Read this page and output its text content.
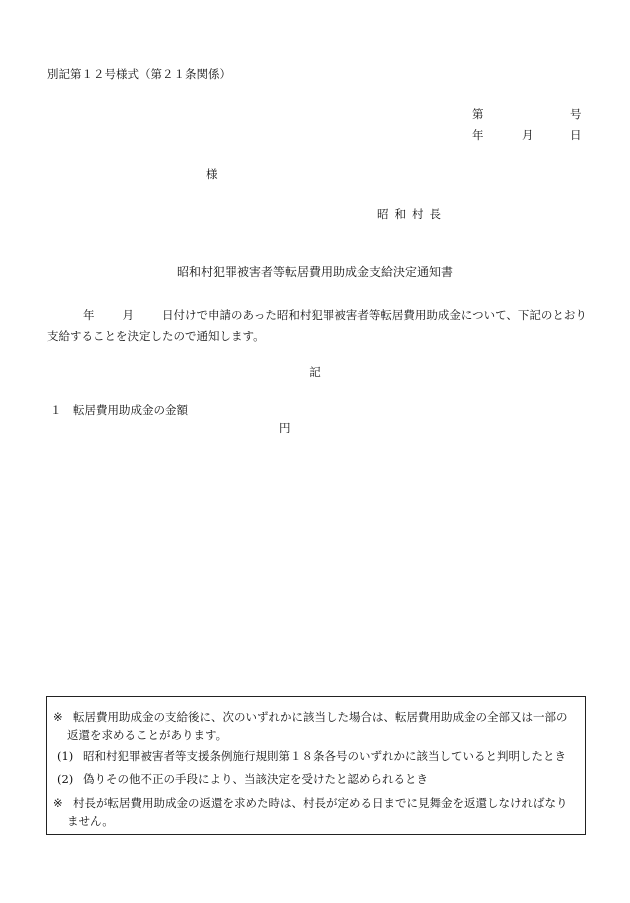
別記第１２号様式（第２１条関係）
第	号
年	月	日
様
昭和村長
昭和村犯罪被害者等転居費用助成金支給決定通知書
年 月 日付けで申請のあった昭和村犯罪被害者等転居費用助成金について、下記のとおり支給することを決定したので通知します。
記
１　転居費用助成金の金額
円
※ 転居費用助成金の支給後に、次のいずれかに該当した場合は、転居費用助成金の全部又は一部の
返還を求めることがあります。
(1) 昭和村犯罪被害者等支援条例施行規則第１８条各号のいずれかに該当していると判明したとき
(2) 偽りその他不正の手段により、当該決定を受けたと認められるとき
※ 村長が転居費用助成金の返還を求めた時は、村長が定める日までに見舞金を返還しなければなり
ません。
